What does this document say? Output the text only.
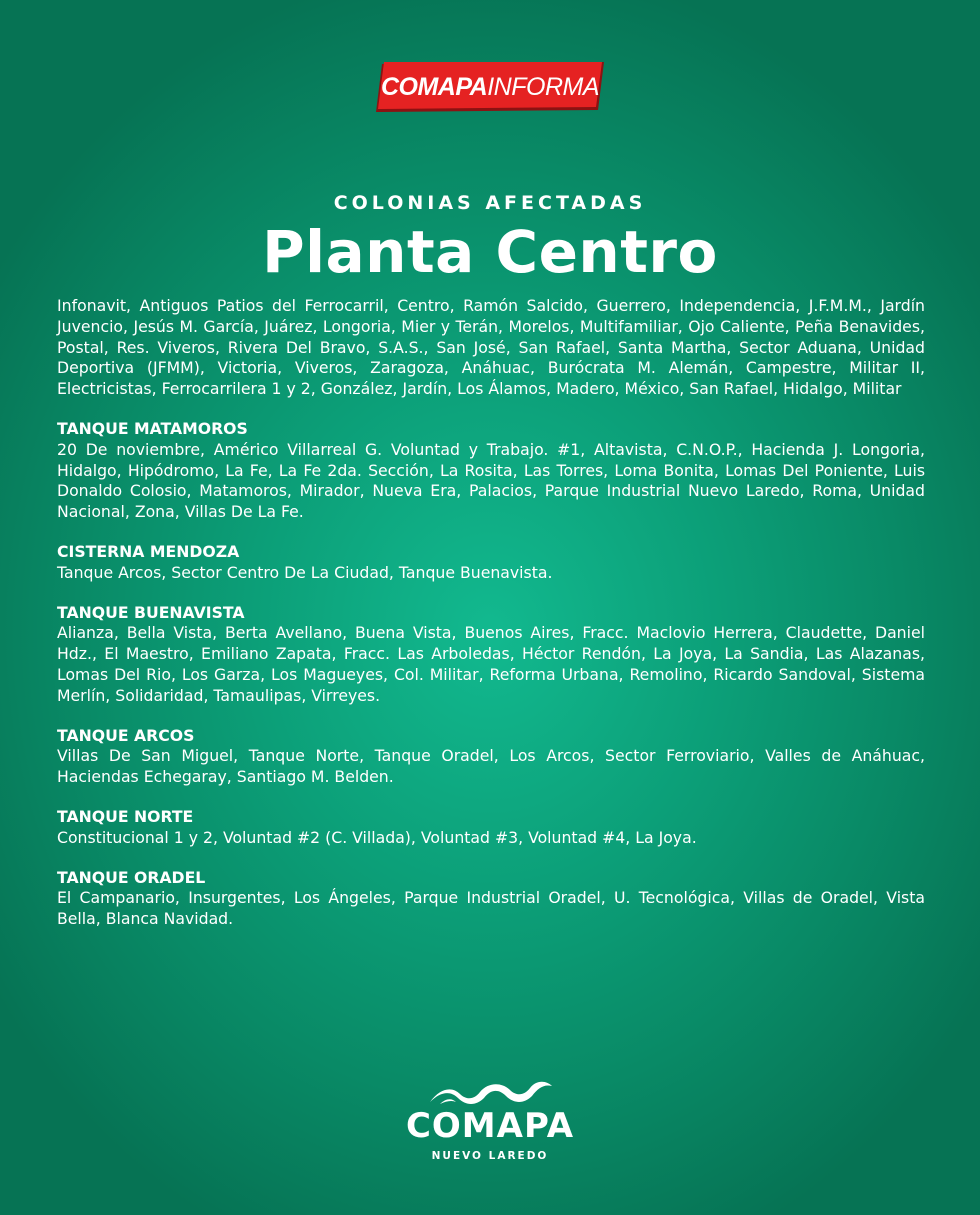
COMAPA INFORMA
COLONIAS AFECTADAS
Planta Centro

Infonavit, Antiguos Patios del Ferrocarril, Centro, Ramón Salcido, Guerrero, Independencia, J.F.M.M., Jardín Juvencio, Jesús M. García, Juárez, Longoria, Mier y Terán, Morelos, Multifamiliar, Ojo Caliente, Peña Benavides, Postal, Res. Viveros, Rivera Del Bravo, S.A.S., San José, San Rafael, Santa Martha, Sector Aduana, Unidad Deportiva (JFMM), Victoria, Viveros, Zaragoza, Anáhuac, Burócrata M. Alemán, Campestre, Militar II, Electricistas, Ferrocarrilera 1 y 2, González, Jardín, Los Álamos, Madero, México, San Rafael, Hidalgo, Militar

TANQUE MATAMOROS

20 De noviembre, Américo Villarreal G. Voluntad y Trabajo. #1, Altavista, C.N.O.P., Hacienda J. Longoria, Hidalgo, Hipódromo, La Fe, La Fe 2da. Sección, La Rosita, Las Torres, Loma Bonita, Lomas Del Poniente, Luis Donaldo Colosio, Matamoros, Mirador, Nueva Era, Palacios, Parque Industrial Nuevo Laredo, Roma, Unidad Nacional, Zona, Villas De La Fe.

CISTERNA MENDOZA

Tanque Arcos, Sector Centro De La Ciudad, Tanque Buenavista.

TANQUE BUENAVISTA

Alianza, Bella Vista, Berta Avellano, Buena Vista, Buenos Aires, Fracc. Maclovio Herrera, Claudette, Daniel Hdz., El Maestro, Emiliano Zapata, Fracc. Las Arboledas, Héctor Rendón, La Joya, La Sandia, Las Alazanas, Lomas Del Rio, Los Garza, Los Magueyes, Col. Militar, Reforma Urbana, Remolino, Ricardo Sandoval, Sistema Merlín, Solidaridad, Tamaulipas, Virreyes.

TANQUE ARCOS

Villas De San Miguel, Tanque Norte, Tanque Oradel, Los Arcos, Sector Ferroviario, Valles de Anáhuac, Haciendas Echegaray, Santiago M. Belden.

TANQUE NORTE

Constitucional 1 y 2, Voluntad #2 (C. Villada), Voluntad #3, Voluntad #4, La Joya.

TANQUE ORADEL

El Campanario, Insurgentes, Los Ángeles, Parque Industrial Oradel, U. Tecnológica, Villas de Oradel, Vista Bella, Blanca Navidad.

COMAPA
NUEVO LAREDO
